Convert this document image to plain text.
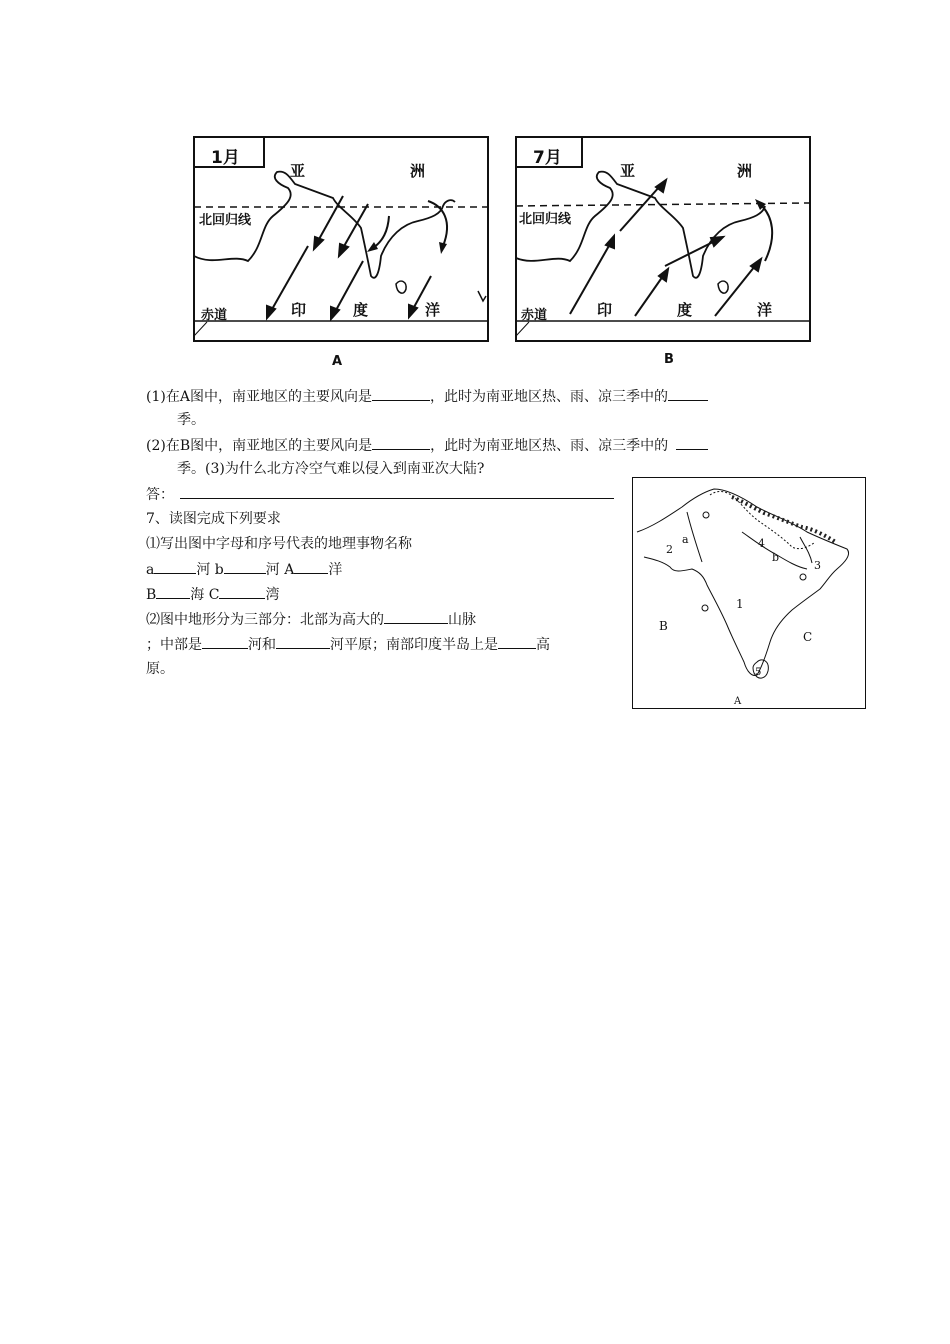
1月
亚	洲
北回归线
赤道	印	度	洋
A
7月
亚	洲
北回归线
赤道	印	度	洋
B
(1)在A图中，南亚地区的主要风向是	，此时为南亚地区热、雨、凉三季中的
季。
(2)在B图中，南亚地区的主要风向是	，此时为南亚地区热、雨、凉三季中的
季。(3)为什么北方冷空气难以侵入到南亚次大陆?
答：
7、读图完成下列要求
⑴写出图中字母和序号代表的地理事物名称
a	河 b	河 A 洋
B 海 C	湾
⑵图中地形分为三部分：北部为高大的	山脉
；中部是	河和	河平原；南部印度半岛上是	高
原。
2
a
b
4
3
1
B
C
5
A
